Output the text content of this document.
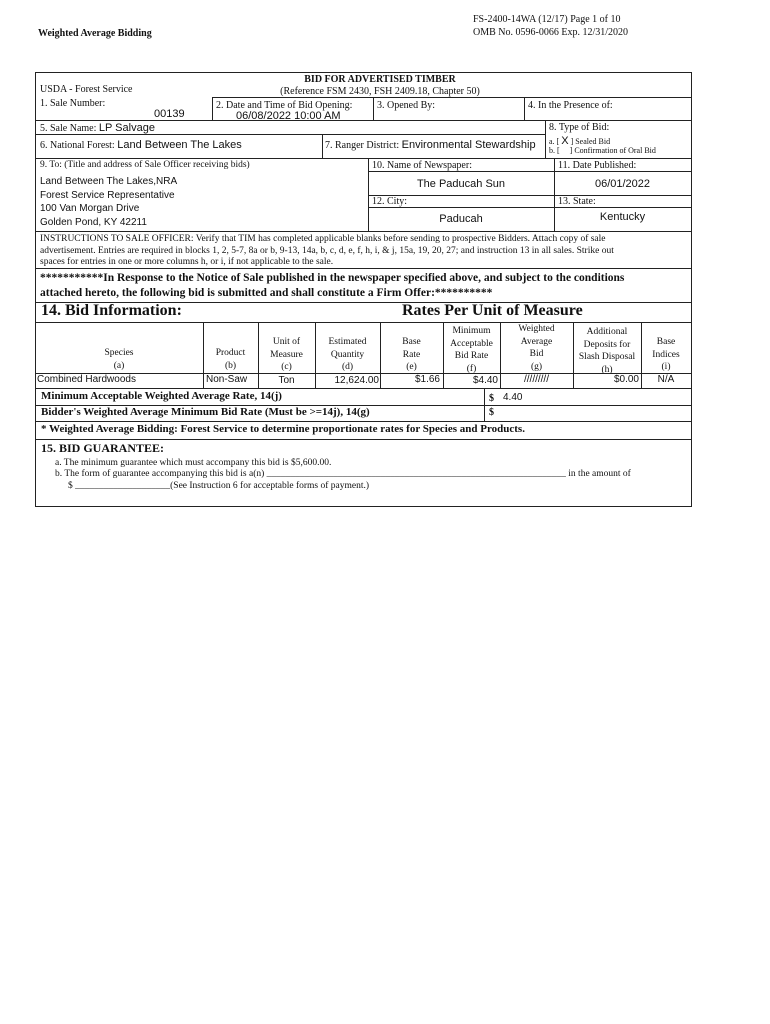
Weighted Average Bidding
FS-2400-14WA (12/17) Page 1 of 10
OMB No. 0596-0066 Exp. 12/31/2020
BID FOR ADVERTISED TIMBER
(Reference FSM 2430, FSH 2409.18, Chapter 50)
USDA - Forest Service
1. Sale Number:
00139
2. Date and Time of Bid Opening:
06/08/2022 10:00 AM
3. Opened By:	4. In the Presence of:
5. Sale Name: LP Salvage	8. Type of Bid:
a. [ X ] Sealed Bid
b. [ ] Confirmation of Oral Bid
6. National Forest: Land Between The Lakes	7. Ranger District: Environmental Stewardship
9. To: (Title and address of Sale Officer receiving bids)
Land Between The Lakes,NRA
Forest Service Representative
100 Van Morgan Drive
Golden Pond, KY 42211
10. Name of Newspaper:	11. Date Published:
The Paducah Sun	06/01/2022
12. City:	13. State:
Paducah	Kentucky
INSTRUCTIONS TO SALE OFFICER: Verify that TIM has completed applicable blanks before sending to prospective Bidders. Attach copy of sale
advertisement. Entries are required in blocks 1, 2, 5-7, 8a or b, 9-13, 14a, b, c, d, e, f, h, i, & j, 15a, 19, 20, 27; and instruction 13 in all sales. Strike out
spaces for entries in one or more columns h, or i, if not applicable to the sale.
***********In Response to the Notice of Sale published in the newspaper specified above, and subject to the conditions
attached hereto, the following bid is submitted and shall constitute a Firm Offer:**********
14. Bid Information:	Rates Per Unit of Measure
Species
(a)
Product
(b)
Unit of
Measure
(c)
Estimated
Quantity
(d)
Base
Rate
(e)
Minimum
Acceptable
Bid Rate
(f)
Weighted
Average
Bid
(g)
Additional
Deposits for
Slash Disposal
(h)
Base
Indices
(i)
Combined Hardwoods	Non-Saw	Ton	12,624.00	$1.66	$4.40	/////////	$0.00	N/A
Minimum Acceptable Weighted Average Rate, 14(j)	$ 4.40
Bidder's Weighted Average Minimum Bid Rate (Must be >=14j), 14(g)	$
* Weighted Average Bidding: Forest Service to determine proportionate rates for Species and Products.
15. BID GUARANTEE:
a. The minimum guarantee which must accompany this bid is $5,600.00.
b. The form of guarantee accompanying this bid is a(n) _______________________________________________________________ in the amount of
$ ____________________(See Instruction 6 for acceptable forms of payment.)
